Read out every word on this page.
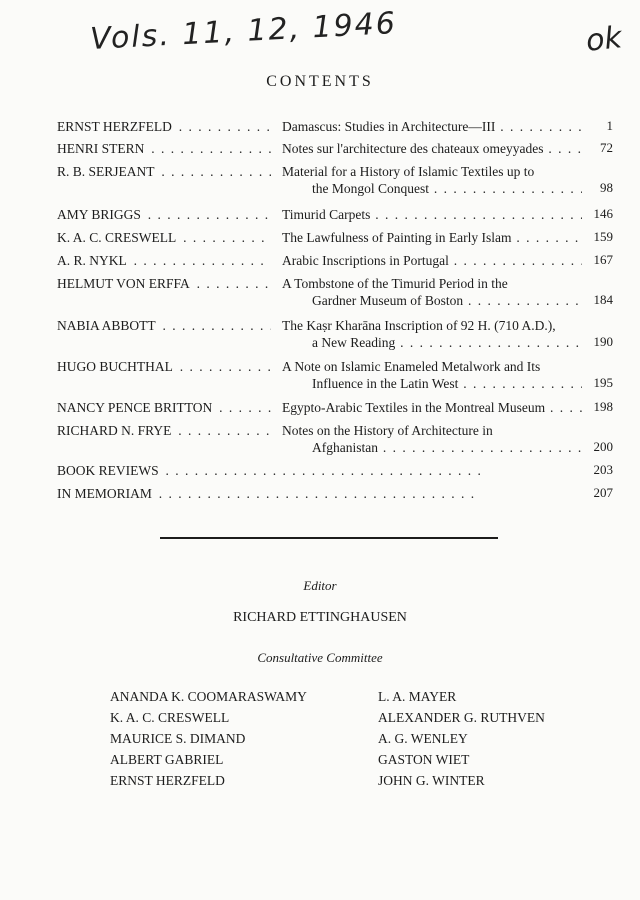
Vols. 11, 12, 1946	ok
CONTENTS
ERNST HERZFELD . . .	Damascus: Studies in Architecture—III . . .	1
HENRI STERN . . .	Notes sur l'architecture des chateaux omeyyades . . .	72
R. B. SERJEANT . . .	Material for a History of Islamic Textiles up to
the Mongol Conquest . . .	98
AMY BRIGGS . . .	Timurid Carpets . . .	146
K. A. C. CRESWELL . . .	The Lawfulness of Painting in Early Islam . . .	159
A. R. NYKL . . .	Arabic Inscriptions in Portugal . . .	167
HELMUT VON ERFFA . . .	A Tombstone of the Timurid Period in the
Gardner Museum of Boston . . .	184
NABIA ABBOTT . . .	The Kaṣr Kharāna Inscription of 92 H. (710 A.D.),
a New Reading . . .	190
HUGO BUCHTHAL . . .	A Note on Islamic Enameled Metalwork and Its
Influence in the Latin West . . .	195
NANCY PENCE BRITTON . . .	Egypto-Arabic Textiles in the Montreal Museum . . .	198
RICHARD N. FRYE . . .	Notes on the History of Architecture in
Afghanistan . . .	200
BOOK REVIEWS . . .	203
IN MEMORIAM . . .	207
Editor
RICHARD ETTINGHAUSEN
Consultative Committee
ANANDA K. COOMARASWAMY
K. A. C. CRESWELL
MAURICE S. DIMAND
ALBERT GABRIEL
ERNST HERZFELD
L. A. MAYER
ALEXANDER G. RUTHVEN
A. G. WENLEY
GASTON WIET
JOHN G. WINTER
